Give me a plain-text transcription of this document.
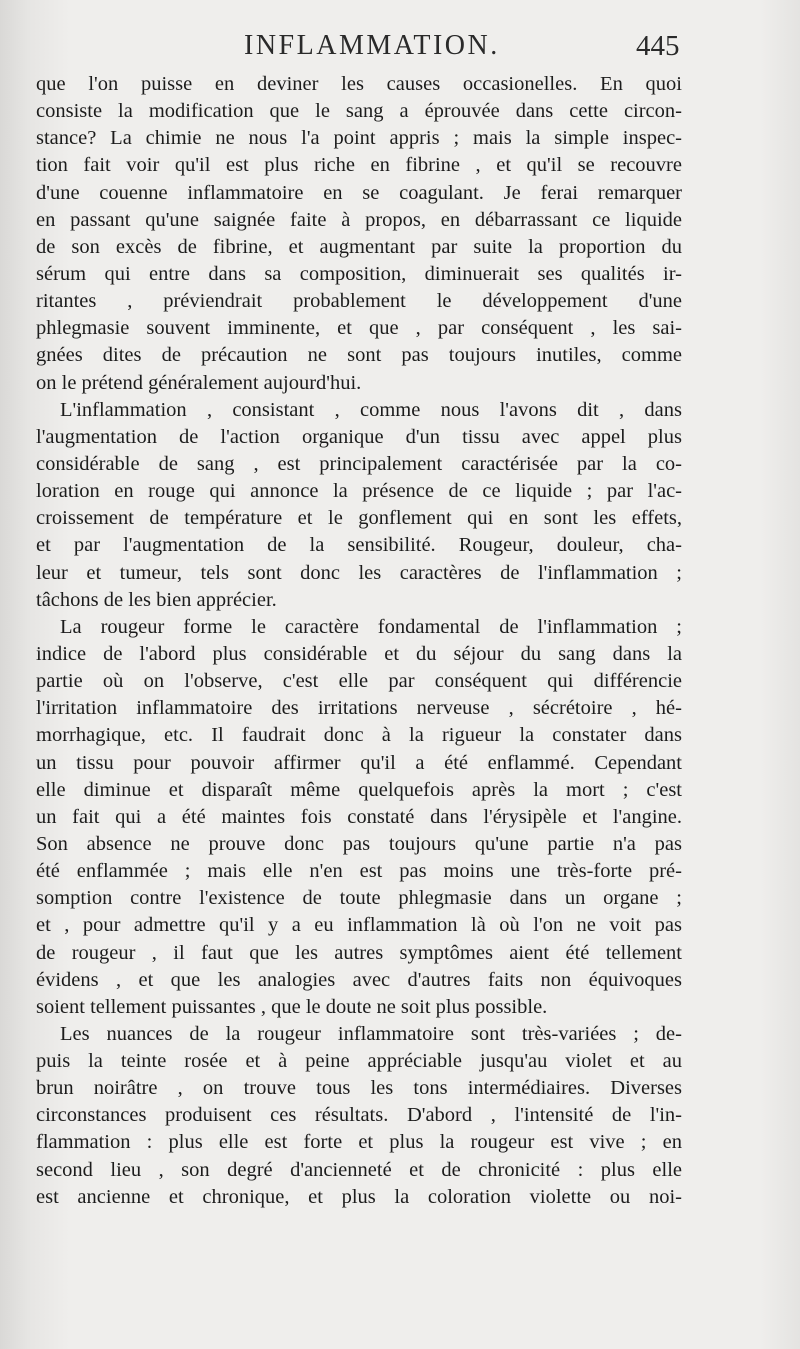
INFLAMMATION.	445
que l'on puisse en deviner les causes occasionelles. En quoi
consiste la modification que le sang a éprouvée dans cette circon-
stance? La chimie ne nous l'a point appris ; mais la simple inspec-
tion fait voir qu'il est plus riche en fibrine , et qu'il se recouvre
d'une couenne inflammatoire en se coagulant. Je ferai remarquer
en passant qu'une saignée faite à propos, en débarrassant ce liquide
de son excès de fibrine, et augmentant par suite la proportion du
sérum qui entre dans sa composition, diminuerait ses qualités ir-
ritantes , préviendrait probablement le développement d'une
phlegmasie souvent imminente, et que , par conséquent , les sai-
gnées dites de précaution ne sont pas toujours inutiles, comme
on le prétend généralement aujourd'hui.
L'inflammation , consistant , comme nous l'avons dit , dans
l'augmentation de l'action organique d'un tissu avec appel plus
considérable de sang , est principalement caractérisée par la co-
loration en rouge qui annonce la présence de ce liquide ; par l'ac-
croissement de température et le gonflement qui en sont les effets,
et par l'augmentation de la sensibilité. Rougeur, douleur, cha-
leur et tumeur, tels sont donc les caractères de l'inflammation ;
tâchons de les bien apprécier.
La rougeur forme le caractère fondamental de l'inflammation ;
indice de l'abord plus considérable et du séjour du sang dans la
partie où on l'observe, c'est elle par conséquent qui différencie
l'irritation inflammatoire des irritations nerveuse , sécrétoire , hé-
morrhagique, etc. Il faudrait donc à la rigueur la constater dans
un tissu pour pouvoir affirmer qu'il a été enflammé. Cependant
elle diminue et disparaît même quelquefois après la mort ; c'est
un fait qui a été maintes fois constaté dans l'érysipèle et l'angine.
Son absence ne prouve donc pas toujours qu'une partie n'a pas
été enflammée ; mais elle n'en est pas moins une très-forte pré-
somption contre l'existence de toute phlegmasie dans un organe ;
et , pour admettre qu'il y a eu inflammation là où l'on ne voit pas
de rougeur , il faut que les autres symptômes aient été tellement
évidens , et que les analogies avec d'autres faits non équivoques
soient tellement puissantes , que le doute ne soit plus possible.
Les nuances de la rougeur inflammatoire sont très-variées ; de-
puis la teinte rosée et à peine appréciable jusqu'au violet et au
brun noirâtre , on trouve tous les tons intermédiaires. Diverses
circonstances produisent ces résultats. D'abord , l'intensité de l'in-
flammation : plus elle est forte et plus la rougeur est vive ; en
second lieu , son degré d'ancienneté et de chronicité : plus elle
est ancienne et chronique, et plus la coloration violette ou noi-
